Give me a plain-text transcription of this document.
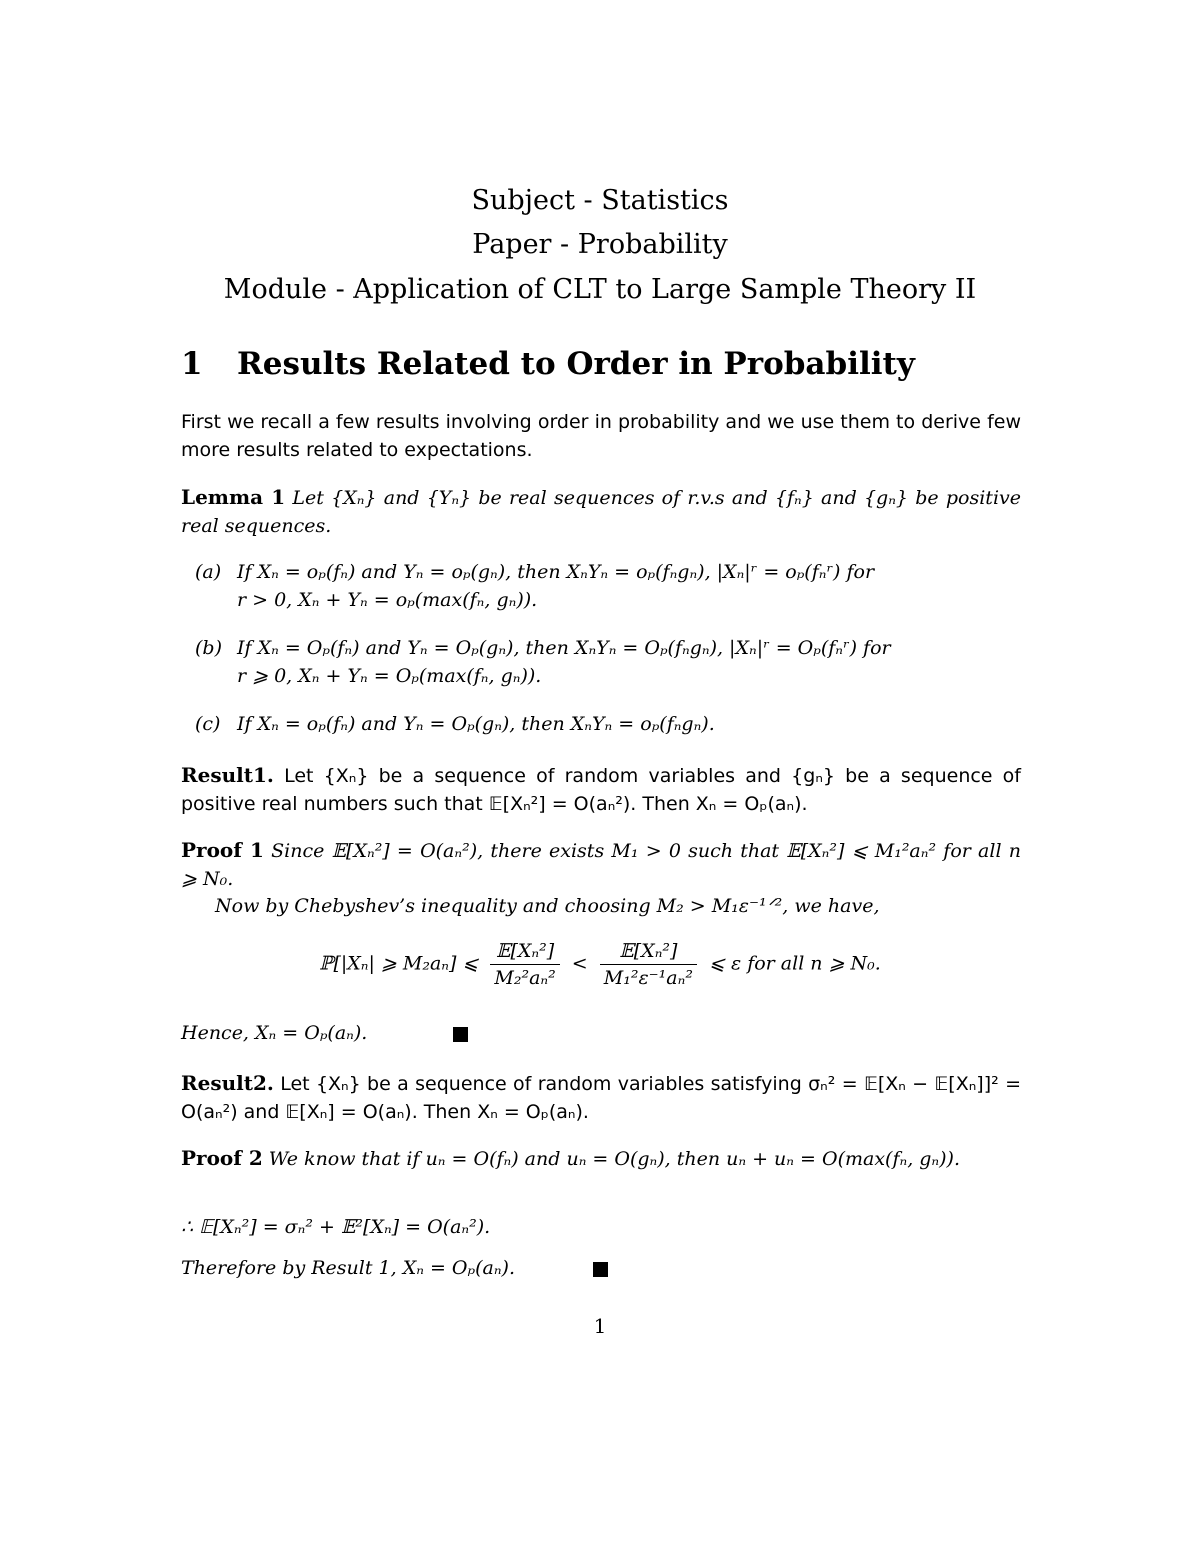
Subject - Statistics
Paper - Probability
Module - Application of CLT to Large Sample Theory II
1 Results Related to Order in Probability
First we recall a few results involving order in probability and we use them to derive few more results related to expectations.
Lemma 1 Let {Xₙ} and {Yₙ} be real sequences of r.v.s and {fₙ} and {gₙ} be positive real sequences.
(a) If Xₙ = oₚ(fₙ) and Yₙ = oₚ(gₙ), then XₙYₙ = oₚ(fₙgₙ), |Xₙ|ʳ = oₚ(fₙʳ) for
r > 0, Xₙ + Yₙ = oₚ(max(fₙ, gₙ)).
(b) If Xₙ = Oₚ(fₙ) and Yₙ = Oₚ(gₙ), then XₙYₙ = Oₚ(fₙgₙ), |Xₙ|ʳ = Oₚ(fₙʳ) for
r ⩾ 0, Xₙ + Yₙ = Oₚ(max(fₙ, gₙ)).
(c) If Xₙ = oₚ(fₙ) and Yₙ = Oₚ(gₙ), then XₙYₙ = oₚ(fₙgₙ).
Result1. Let {Xₙ} be a sequence of random variables and {gₙ} be a sequence of positive real numbers such that 𝔼[Xₙ²] = O(aₙ²). Then Xₙ = Oₚ(aₙ).
Proof 1 Since 𝔼[Xₙ²] = O(aₙ²), there exists M₁ > 0 such that 𝔼[Xₙ²] ⩽ M₁²aₙ² for all n ⩾ N₀.
Now by Chebyshev’s inequality and choosing M₂ > M₁ε⁻¹ᐟ², we have,
ℙ[|Xₙ| ⩾ M₂aₙ] ⩽ $\frac{\text{𝔼[Xₙ²]}}{\text{M₂²aₙ²}} < \frac{\text{𝔼[Xₙ²]}}{\text{M₁²ε⁻¹aₙ²}}$ ⩽ ε for all n ⩾ N₀.
Hence, Xₙ = Oₚ(aₙ).
Result2. Let {Xₙ} be a sequence of random variables satisfying σₙ² = 𝔼[Xₙ − 𝔼[Xₙ]]² = O(aₙ²) and 𝔼[Xₙ] = O(aₙ). Then Xₙ = Oₚ(aₙ).
Proof 2 We know that if uₙ = O(fₙ) and uₙ = O(gₙ), then uₙ + uₙ = O(max(fₙ, gₙ)).
∴ 𝔼[Xₙ²] = σₙ² + 𝔼²[Xₙ] = O(aₙ²).
Therefore by Result 1, Xₙ = Oₚ(aₙ).
1
